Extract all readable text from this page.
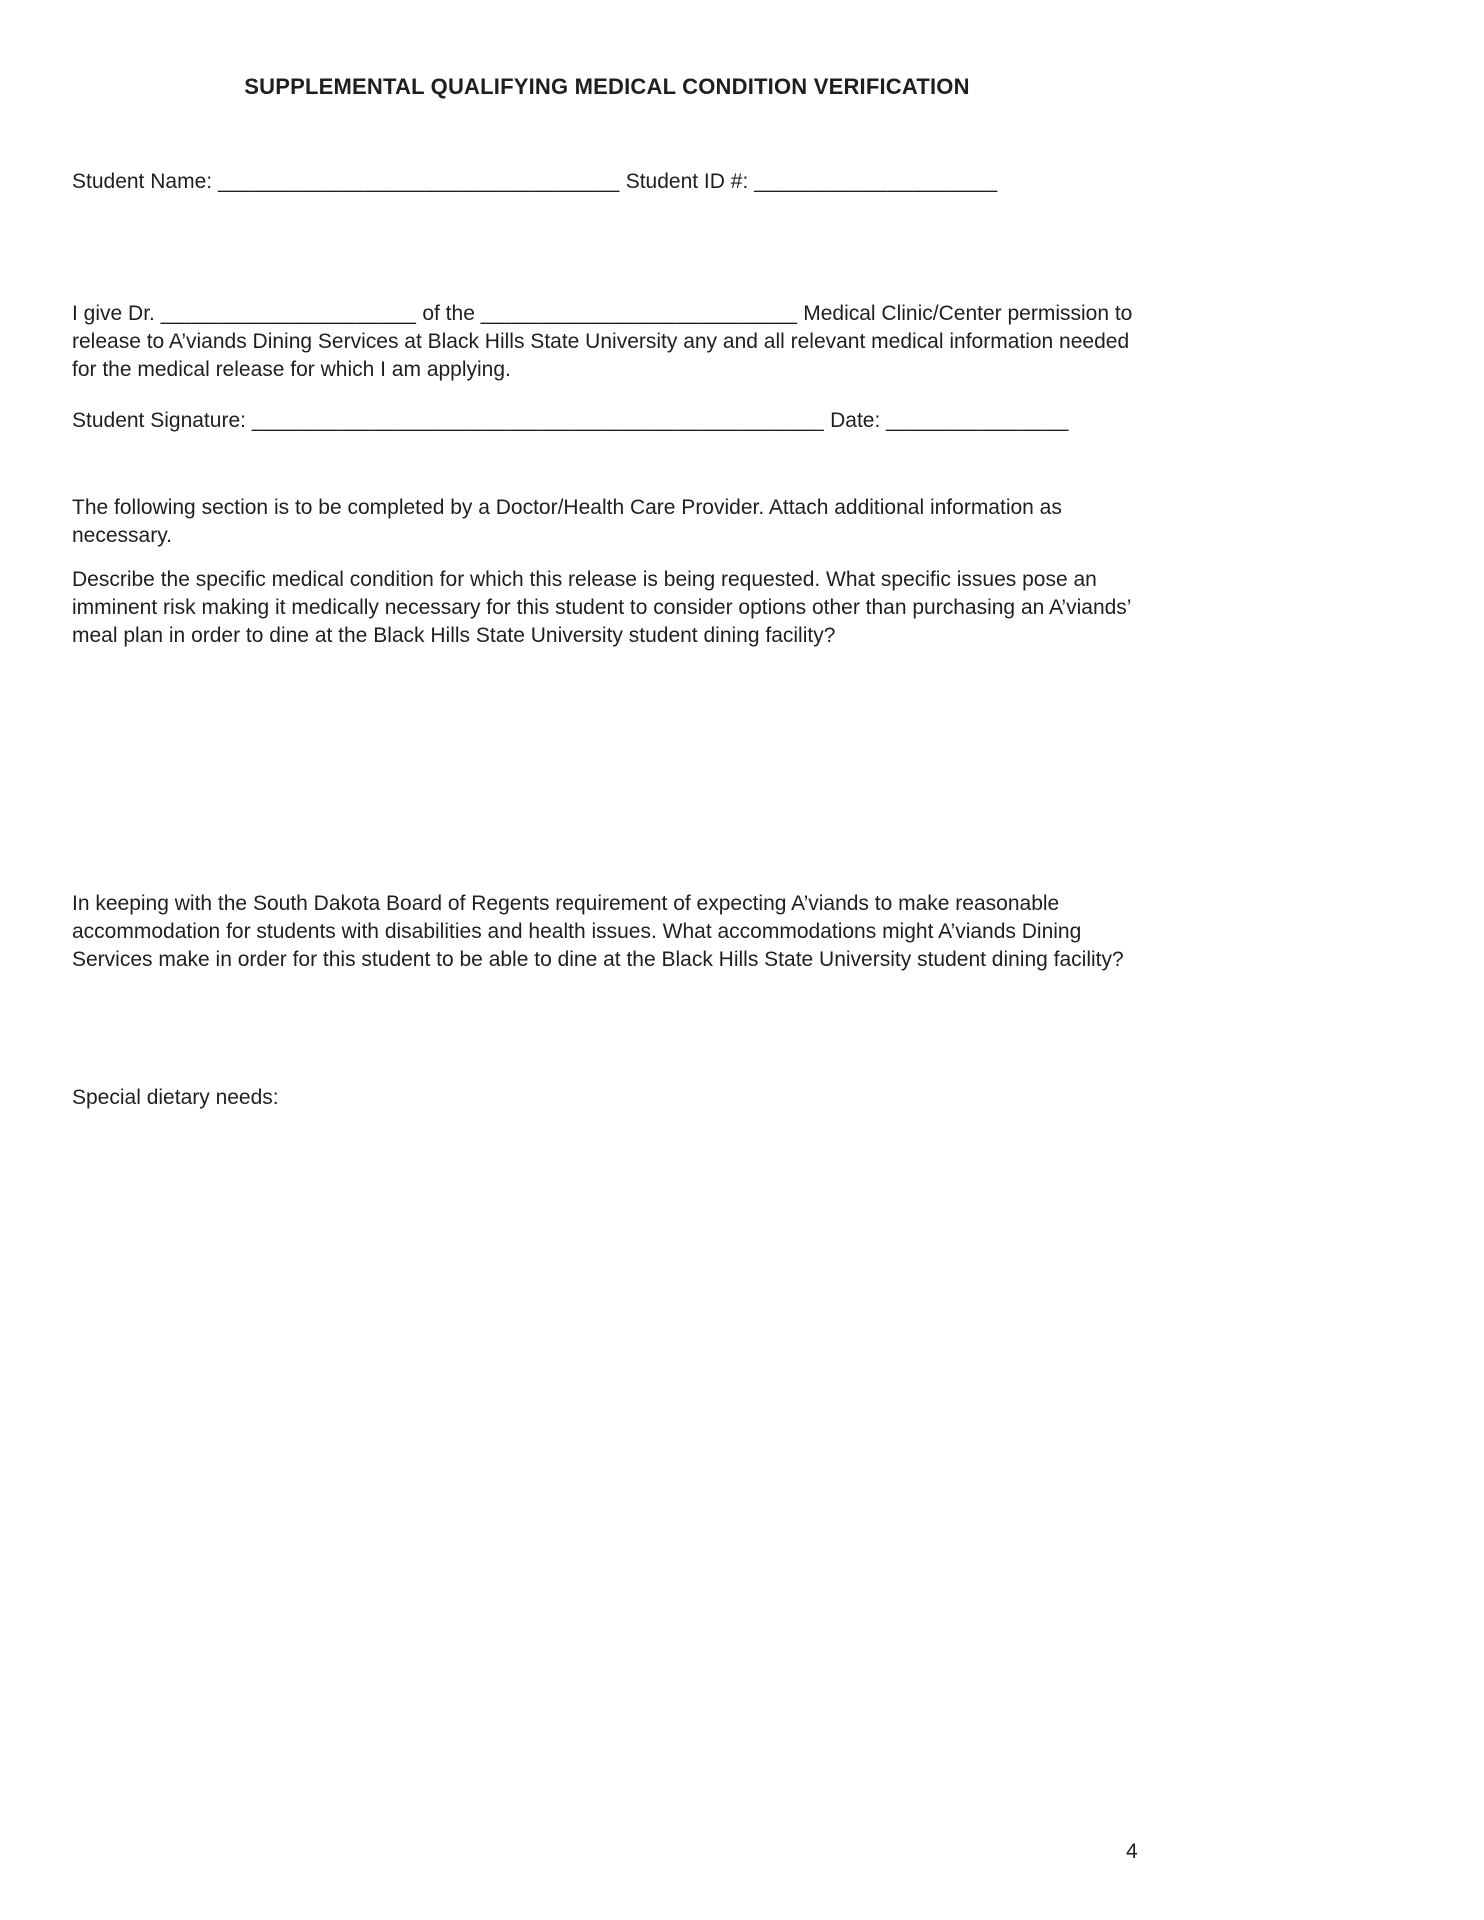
SUPPLEMENTAL QUALIFYING MEDICAL CONDITION VERIFICATION

Student Name: _________________________________ Student ID #: ____________________

I give Dr. _____________________ of the __________________________ Medical Clinic/Center permission to release to A’viands Dining Services at Black Hills State University any and all relevant medical information needed for the medical release for which I am applying.

Student Signature: _______________________________________________ Date: _______________

The following section is to be completed by a Doctor/Health Care Provider. Attach additional information as necessary.

Describe the specific medical condition for which this release is being requested. What specific issues pose an imminent risk making it medically necessary for this student to consider options other than purchasing an A’viands’ meal plan in order to dine at the Black Hills State University student dining facility?

In keeping with the South Dakota Board of Regents requirement of expecting A’viands to make reasonable accommodation for students with disabilities and health issues. What accommodations might A’viands Dining Services make in order for this student to be able to dine at the Black Hills State University student dining facility?

Special dietary needs:

4
